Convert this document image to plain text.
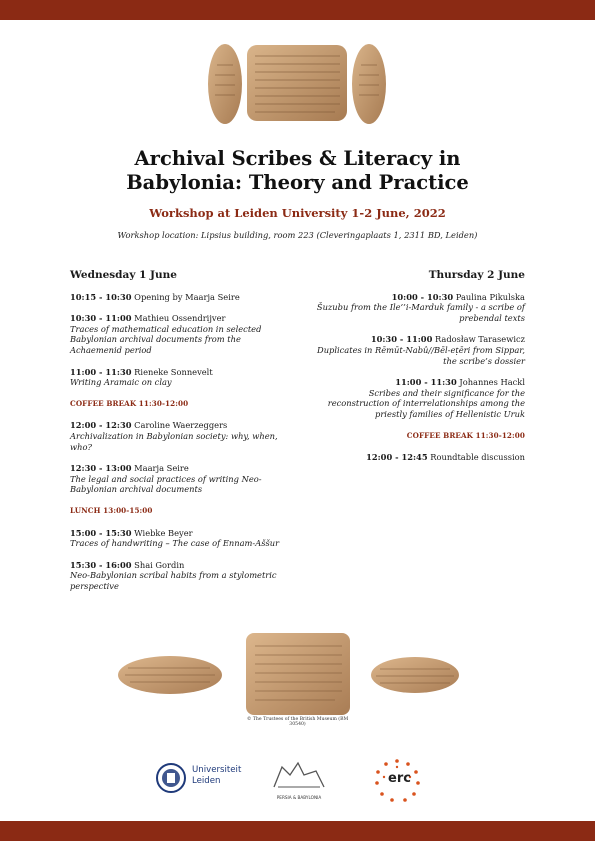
Archival Scribes & Literacy in
Babylonia: Theory and Practice
Workshop at Leiden University 1-2 June, 2022
Workshop location: Lipsius building, room 223 (Cleveringaplaats 1, 2311 BD, Leiden)
Wednesday 1 June
10:15 - 10:30 Opening by Maarja Seire
10:30 - 11:00 Mathieu Ossendrijver
Traces of mathematical education in selected Babylonian archival documents from the Achaemenid period
11:00 - 11:30 Rieneke Sonnevelt
Writing Aramaic on clay
COFFEE BREAK 11:30-12:00
12:00 - 12:30 Caroline Waerzeggers
Archivalization in Babylonian society: why, when, who?
12:30 - 13:00 Maarja Seire
The legal and social practices of writing Neo-Babylonian archival documents
LUNCH 13:00-15:00
15:00 - 15:30 Wiebke Beyer
Traces of handwriting – The case of Ennam-Aššur
15:30 - 16:00 Shai Gordin
Neo-Babylonian scribal habits from a stylometric perspective
Thursday 2 June
10:00 - 10:30 Paulina Pikulska
Šuzubu from the Ile’’i-Marduk family - a scribe of prebendal texts
10:30 - 11:00 Radosław Tarasewicz
Duplicates in Rēmūt-Nabû//Bēl-eṭēri from Sippar, the scribe’s dossier
11:00 - 11:30 Johannes Hackl
Scribes and their significance for the reconstruction of interrelationships among the priestly families of Hellenistic Uruk
COFFEE BREAK 11:30-12:00
12:00 - 12:45 Roundtable discussion
© The Trustees of the British Museum (BM 30540)
Universiteit
Leiden
PERSIA & BABYLONIA
erc
